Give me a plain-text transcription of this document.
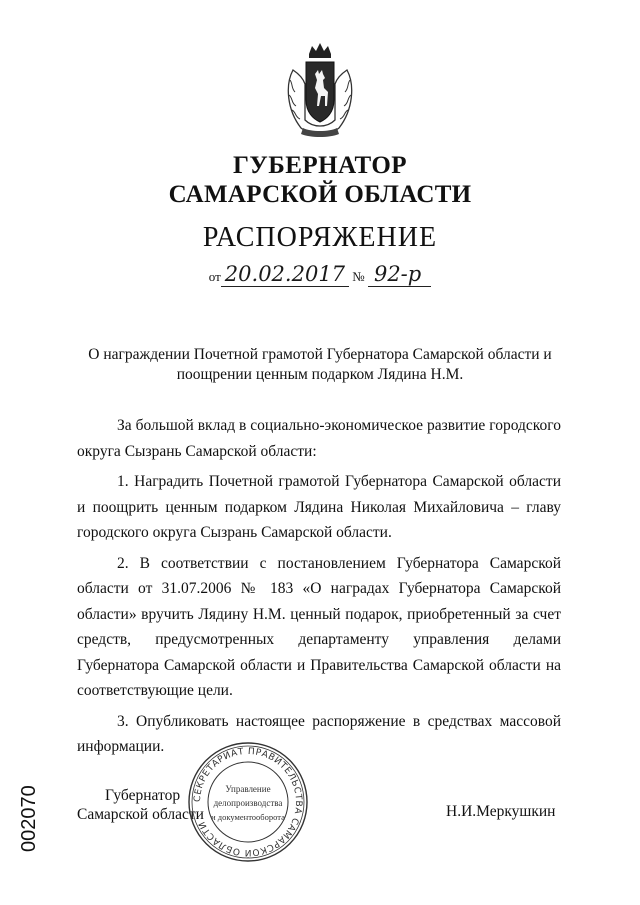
ГУБЕРНАТОР
САМАРСКОЙ ОБЛАСТИ
РАСПОРЯЖЕНИЕ
от 20.02.2017 № 92-р
О награждении Почетной грамотой Губернатора Самарской области и
поощрении ценным подарком Лядина Н.М.

За большой вклад в социально-экономическое развитие городского округа Сызрань Самарской области:

1. Наградить Почетной грамотой Губернатора Самарской области и поощрить ценным подарком Лядина Николая Михайловича – главу городского округа Сызрань Самарской области.

2. В соответствии с постановлением Губернатора Самарской области от 31.07.2006 № 183 «О наградах Губернатора Самарской области» вручить Лядину Н.М. ценный подарок, приобретенный за счет средств, предусмотренных департаменту управления делами Губернатора Самарской области и Правительства Самарской области на соответствующие цели.

3. Опубликовать настоящее распоряжение в средствах массовой информации.

Губернатор
Самарской области
СЕКРЕТАРИАТ ПРАВИТЕЛЬСТВА САМАРСКОЙ ОБЛАСТИ
Управление
делопроизводства
и документооборота	Н.И.Меркушкин
002070
